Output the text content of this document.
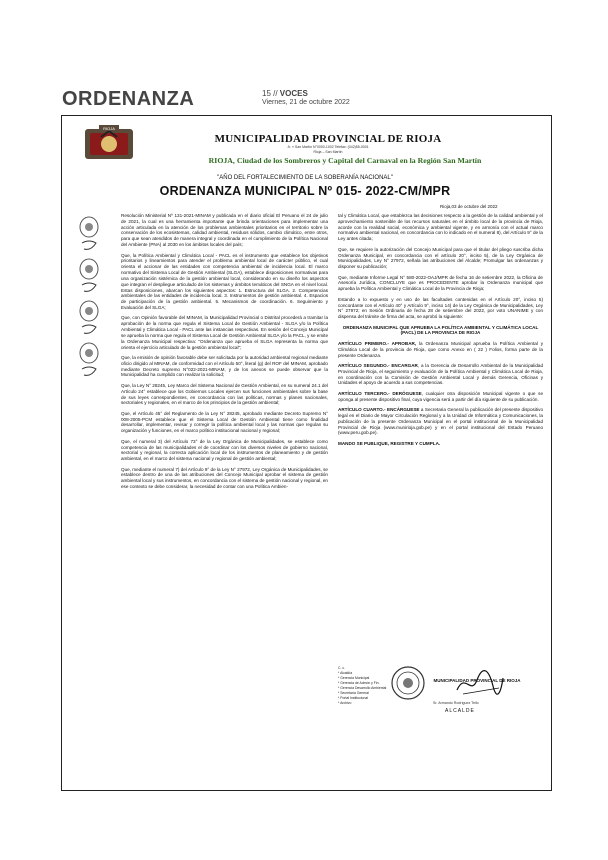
ORDENANZA	15 // VOCES
Viernes, 21 de octubre 2022
RIOJA
MUNICIPALIDAD PROVINCIAL DE RIOJA
Jr. « San Martín N°0000-1002 Telefax: (042)55-0001
Rioja – San Martín
RIOJA, Ciudad de los Sombreros y Capital del Carnaval en la Región San Martín
"AÑO DEL FORTALECIMIENTO DE LA SOBERANÍA NACIONAL"
ORDENANZA MUNICIPAL Nº 015- 2022-CM/MPR
Rioja,03 de octubre del 2022

Resolución Ministerial Nº 131-2021-MINAM y publicada en el diario oficial El Peruano el 24 de julio de 2021, la cual es una herramienta importante que brinda orientaciones para implementar una acción articulada en la atención de los problemas ambientales prioritarios en el territorio sobre la conservación de los ecosistemas, calidad ambiental, residuos sólidos, cambio climático, entre otros, para que sean atendidos de manera integral y coordinada en el cumplimiento de la Política Nacional del Ambiente (PNA) al 2030 en los ámbitos locales del país;

Que, la Política Ambiental y Climática Local - PACL es el instrumento que establece los objetivos prioritarios y lineamientos para atender el problema ambiental local de carácter público, el cual orienta el accionar de las entidades con competencia ambiental de incidencia local. El marco normativo del Sistema Local de Gestión Ambiental (SLGA), establece disposiciones normativas para una organización sistémica de la gestión ambiental local, considerando en su diseño los aspectos que integran el despliegue articulado de los sistemas y ámbitos temáticos del SNGA en el nivel local. Estas disposiciones, abarcan los siguientes aspectos: 1. Estructura del SLGA. 2. Competencias ambientales de las entidades de incidencia local. 3. Instrumentos de gestión ambiental. 4. Espacios de participación de la gestión ambiental. 5. Mecanismos de coordinación. 6. Seguimiento y Evaluación del SLGA;

Que, con Opinión favorable del MINAM, la Municipalidad Provincial o Distrital procederá a tramitar la aprobación de la norma que regula el Sistema Local de Gestión Ambiental - SLGA y/o la Política Ambiental y Climática Local - PACL ante las instancias respectivas. En sesión del Concejo Municipal se aprueba la norma que regula el Sistema Local de Gestión Ambiental SLGA y/o la PACL, y se emite la Ordenanza Municipal respectiva: "Ordenanza que aprueba el SLGA representa la norma que orienta el ejercicio articulado de la gestión ambiental local";

Que, la emisión de opinión favorable debe ser solicitada por la autoridad ambiental regional mediante oficio dirigido al MINAM, de conformidad con el Artículo 50°, literal (g) del ROF del MINAM, aprobado mediante Decreto supremo N°022-2021-MINAM, y de los anexos se puede observar que la Municipalidad ha cumplido con realizar la solicitud;

Que, la Ley N° 28245, Ley Marco del Sistema Nacional de Gestión Ambiental, en su numeral 24.1 del Artículo 24° establece que los Gobiernos Locales ejercen sus funciones ambientales sobre la base de sus leyes correspondientes, en concordancia con las políticas, normas y planes nacionales, sectoriales y regionales, en el marco de los principios de la gestión ambiental;

Que, el Artículo 45° del Reglamento de la Ley N° 28245, aprobado mediante Decreto Supremo N° 008-2005-PCM establece que el Sistema Local de Gestión Ambiental tiene como finalidad desarrollar, implementar, revisar y corregir la política ambiental local y las normas que regulan su organización y funciones, en el marco político institucional nacional y regional;

Que, el numeral 3) del Artículo 73° de la Ley Orgánica de Municipalidades, se establece como competencia de las municipalidades el de coordinar con los diversos niveles de gobierno nacional, sectorial y regional, la correcta aplicación local de los instrumentos de planeamiento y de gestión ambiental, en el marco del sistema nacional y regional de gestión ambiental;

Que, mediante el numeral 7) del Artículo 9° de la Ley N° 27972, Ley Orgánica de Municipalidades, se establece dentro de una de las atribuciones del Concejo Municipal aprobar el sistema de gestión ambiental local y sus instrumentos, en concordancia con el sistema de gestión nacional y regional, en ese contexto se debe considerar, la necesidad de contar con una Política Ambien-

tal y Climática Local, que establezca las decisiones respecto a la gestión de la calidad ambiental y el aprovechamiento sostenible de los recursos naturales en el ámbito local de la provincia de Rioja, acorde con la realidad social, económica y ambiental vigente, y en armonía con el actual marco normativo ambiental nacional, en concordancia con lo indicado en el numeral 8), del Artículo 9° de la Ley antes citada;

Que, se requiere la autorización del Concejo Municipal para que el titular del pliego suscriba dicha Ordenanza Municipal, en concordancia con el artículo 20°, inciso 5), de la Ley Orgánica de Municipalidades, Ley N° 27972, señala las atribuciones del Alcalde; Promulgar las ordenanzas y disponer su publicación;

Que, mediante Informe Legal N° 580-2022-OAJ/MPR de fecha 16 de setiembre 2022, la Oficina de Asesoría Jurídica, CONCLUYE que es PROCEDENTE aprobar la Ordenanza municipal que aprueba la Política Ambiental y Climática Local de la Provincia de Rioja;

Estando a lo expuesto y en uso de las facultades contenidas en el Artículo 20°, inciso 5) concordante con el Artículo 40° y Artículo 9°, inciso 14) de la Ley Orgánica de Municipalidades, Ley N° 27972; en Sesión Ordinaria de fecha 28 de setiembre del 2022, por voto UNANIME y con dispensa del trámite de firma del acta, se aprobó la siguiente:

ORDENANZA MUNICIPAL QUE APRUEBA LA POLÍTICA AMBIENTAL Y CLIMÁTICA LOCAL (PACL) DE LA PROVINCIA DE RIOJA

ARTÍCULO PRIMERO.- APROBAR, la Ordenanza Municipal aprueba la Política Ambiental y Climática Local de la provincia de Rioja, que como Anexo en ( 22 ) Folios, forma parte de la presente Ordenanza.

ARTÍCULO SEGUNDO.- ENCARGAR, a la Gerencia de Desarrollo Ambiental de la Municipalidad Provincial de Rioja, el seguimiento y evaluación de la Política Ambiental y Climática Local de Rioja, en coordinación con la Comisión de Gestión Ambiental Local y demás Gerencia, Oficinas y Unidades el apoyo de acuerdo a sus competencias.

ARTÍCULO TERCERO.- DERÓGUESE, cualquier otra disposición Municipal vigente o que se oponga al presente dispositivo final, cuya vigencia será a partir del día siguiente de su publicación.

ARTÍCULO CUARTO.- ENCÁRGUESE a Secretaria General la publicación del presente dispositivo legal en el Diario de Mayor Circulación Regional y a la Unidad de Informática y Comunicaciones, la publicación de la presente Ordenanza Municipal en el portal institucional de la Municipalidad Provincial de Rioja (www.munirioja.gob.pe) y en el portal institucional del Estado Peruano (www.peru.gob.pe).

MANDO SE PUBLIQUE, REGISTRE Y CUMPLA.

C. c.
* Alcaldía
* Gerencia Municipal
* Gerencia de Admón y Fin.
* Gerencia Desarrollo Ambiental
* Secretaría General
* Portal Institucional
* Archivo
MUNICIPALIDAD PROVINCIAL DE RIOJA
Sr. Armando Rodríguez Tello
ALCALDE
